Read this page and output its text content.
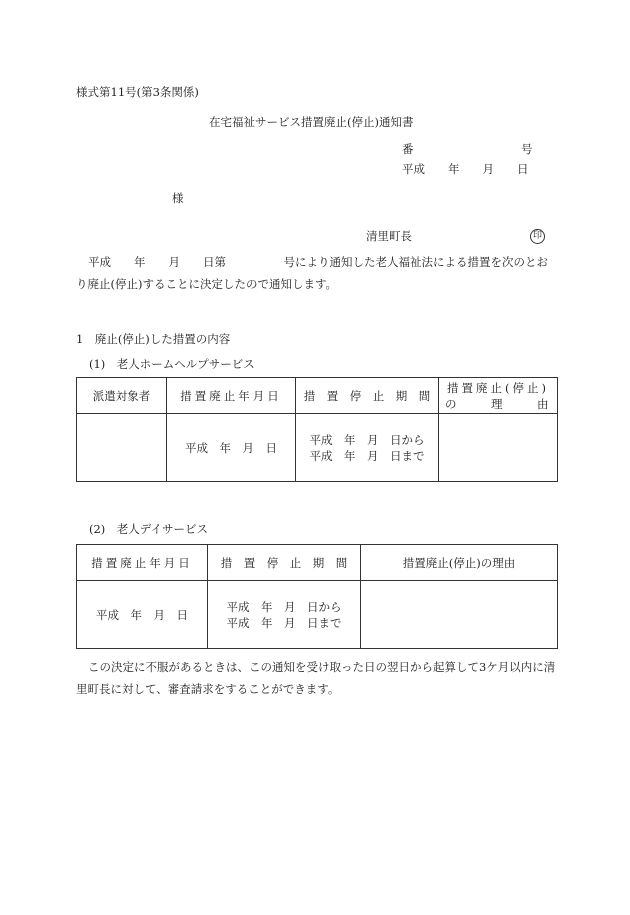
様式第11号(第3条関係)
在宅福祉サービス措置廃止(停止)通知書
番	号
平成　　年　　月　　日
様
清里町長	印
平成　　年　　月　　日第　　　　　号により通知した老人福祉法による措置を次のとおり廃止(停止)することに決定したので通知します。
1　廃止(停止)した措置の内容
(1)　老人ホームヘルプサービス
派遣対象者	措置廃止年月日	措　置　停　止　期　間	措置廃止(停止)
の　　　理　　　由

	平成　年　月　日	平成　年　月　日から
平成　年　月　日まで	

(2)　老人デイサービス
措置廃止年月日	措　置　停　止　期　間	措置廃止(停止)の理由
平成　年　月　日	平成　年　月　日から
平成　年　月　日まで	

この決定に不服があるときは、この通知を受け取った日の翌日から起算して3ケ月以内に清里町長に対して、審査請求をすることができます。
